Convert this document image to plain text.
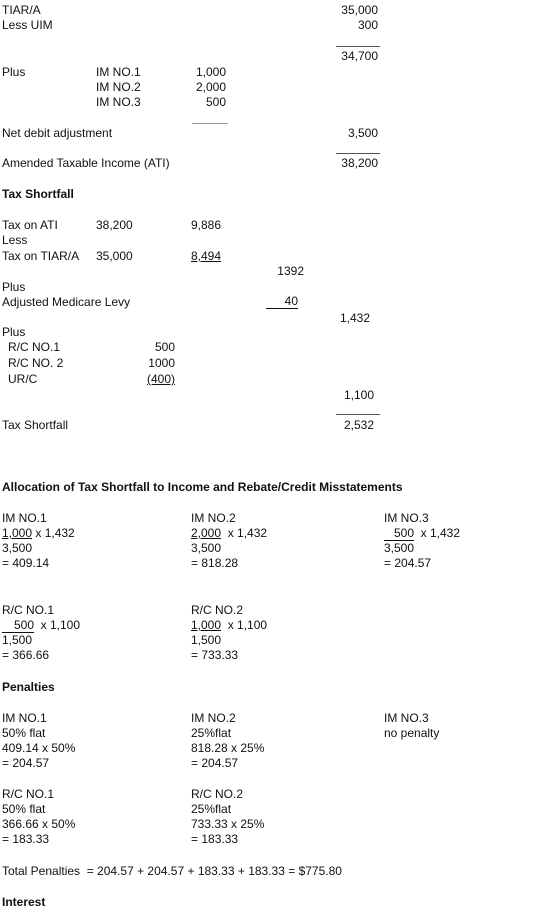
TIAR/A	35,000
Less UIM	300
34,700
Plus	IM NO.1	1,000
IM NO.2	2,000
IM NO.3	500
Net debit adjustment	3,500
Amended Taxable Income (ATI)	38,200
Tax Shortfall
Tax on ATI	38,200	9,886
Less
Tax on TIAR/A 35,000	8,494
1392
Plus
Adjusted Medicare Levy	40
1,432
Plus
R/C NO.1	500
R/C NO. 2	1000
UR/C	(400)
1,100
Tax Shortfall	2,532
Allocation of Tax Shortfall to Income and Rebate/Credit Misstatements
IM NO.1
1,000 x 1,432
3,500
= 409.14
IM NO.2
2,000  x 1,432
3,500
= 818.28
IM NO.3
500  x 1,432
3,500
= 204.57
R/C NO.1
500  x 1,100
1,500
= 366.66
R/C NO.2
1,000  x 1,100
1,500
= 733.33
Penalties
IM NO.1
50% flat
409.14 x 50%
= 204.57
IM NO.2
25%flat
818.28 x 25%
= 204.57
IM NO.3
no penalty
R/C NO.1
50% flat
366.66 x 50%
= 183.33
R/C NO.2
25%flat
733.33 x 25%
= 183.33
Total Penalties  = 204.57 + 204.57 + 183.33 + 183.33 = $775.80
Interest
